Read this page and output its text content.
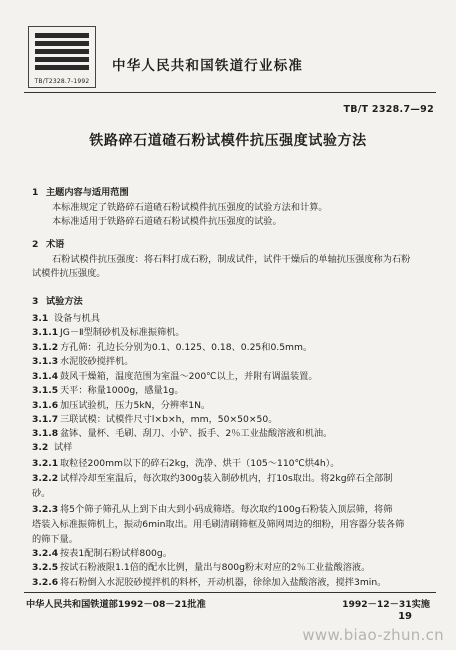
TB/T2328.7-1992
中华人民共和国铁道行业标准
TB/T 2328.7—92
铁路碎石道碴石粉试模件抗压强度试验方法
1 主题内容与适用范围
本标准规定了铁路碎石道碴石粉试模件抗压强度的试验方法和计算。
本标准适用于铁路碎石道碴石粉试模件抗压强度的试验。
2 术语
石粉试模件抗压强度：将石料打成石粉，制成试件，试件干燥后的单轴抗压强度称为石粉
试模件抗压强度。
3 试验方法
3.1 设备与机具
3.1.1 JG－Ⅱ型制砂机及标准振筛机。
3.1.2 方孔筛：孔边长分别为0.1、0.125、0.18、0.25和0.5mm。
3.1.3 水泥胶砂搅拌机。
3.1.4 鼓风干燥箱，温度范围为室温～200℃以上，并附有调温装置。
3.1.5 天平：称量1000g，感量1g。
3.1.6 加压试验机，压力5kN，分辨率1N。
3.1.7 三联试模：试模件尺寸l×b×h，mm，50×50×50。
3.1.8 盆钵、量杯、毛刷、刮刀、小铲、扳手、2％工业盐酸溶液和机油。
3.2 试样
3.2.1 取粒径200mm以下的碎石2kg，洗净、烘干（105～110℃烘4h）。
3.2.2 试样冷却至室温后，每次取约300g装入制砂机内，打10s取出。将2kg碎石全部制
砂。
3.2.3 将5个筛子筛孔从上到下由大到小码成筛塔。每次取约100g石粉装入顶层筛，将筛
塔装入标准振筛机上，振动6min取出。用毛刷清刷筛框及筛网周边的细粉，用容器分装各筛
的筛下量。
3.2.4 按表1配制石粉试样800g。
3.2.5 按试石粉液限1.1倍的配水比例，量出与800g粉末对应的2％工业盐酸溶液。
3.2.6 将石粉倒入水泥胶砂搅拌机的料杯，开动机器，徐徐加入盐酸溶液，搅拌3min。
中华人民共和国铁道部1992－08－21批准	1992－12－31实施
19
www.biao-zhun.cn
